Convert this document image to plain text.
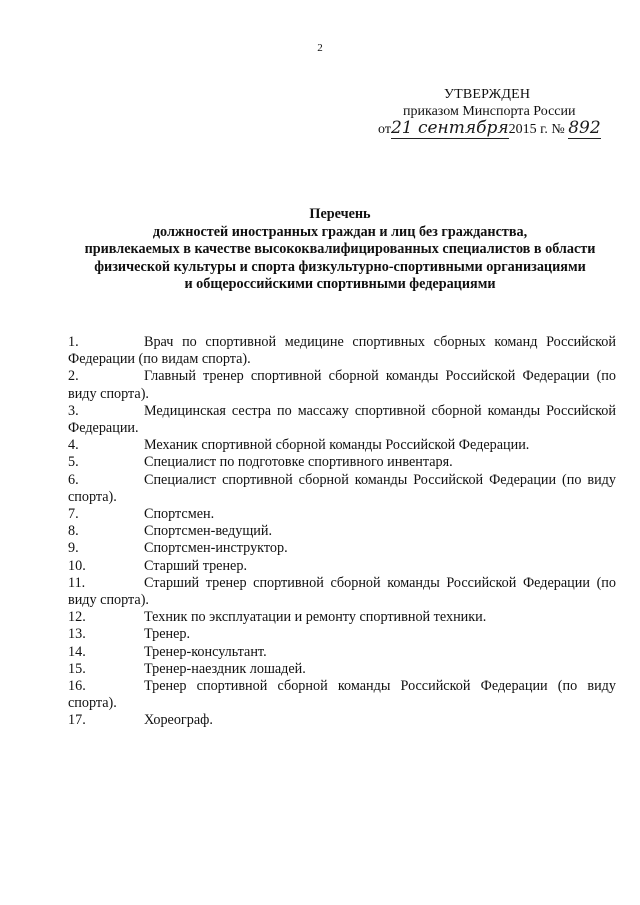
2
УТВЕРЖДЕН
приказом Минспорта России
от21 сентября2015 г. № 892
Перечень
должностей иностранных граждан и лиц без гражданства,
привлекаемых в качестве высококвалифицированных специалистов в области
физической культуры и спорта физкультурно-спортивными организациями
и общероссийскими спортивными федерациями

1.	Врач по спортивной медицине спортивных сборных команд Российской Федерации (по видам спорта).

2.	Главный тренер спортивной сборной команды Российской Федерации (по виду спорта).

3.	Медицинская сестра по массажу спортивной сборной команды Российской Федерации.

4.	Механик спортивной сборной команды Российской Федерации.

5.	Специалист по подготовке спортивного инвентаря.

6.	Специалист спортивной сборной команды Российской Федерации (по виду спорта).

7.	Спортсмен.

8.	Спортсмен-ведущий.

9.	Спортсмен-инструктор.

10.	Старший тренер.

11.	Старший тренер спортивной сборной команды Российской Федерации (по виду спорта).

12.	Техник по эксплуатации и ремонту спортивной техники.

13.	Тренер.

14.	Тренер-консультант.

15.	Тренер-наездник лошадей.

16.	Тренер спортивной сборной команды Российской Федерации (по виду спорта).

17.	Хореограф.
